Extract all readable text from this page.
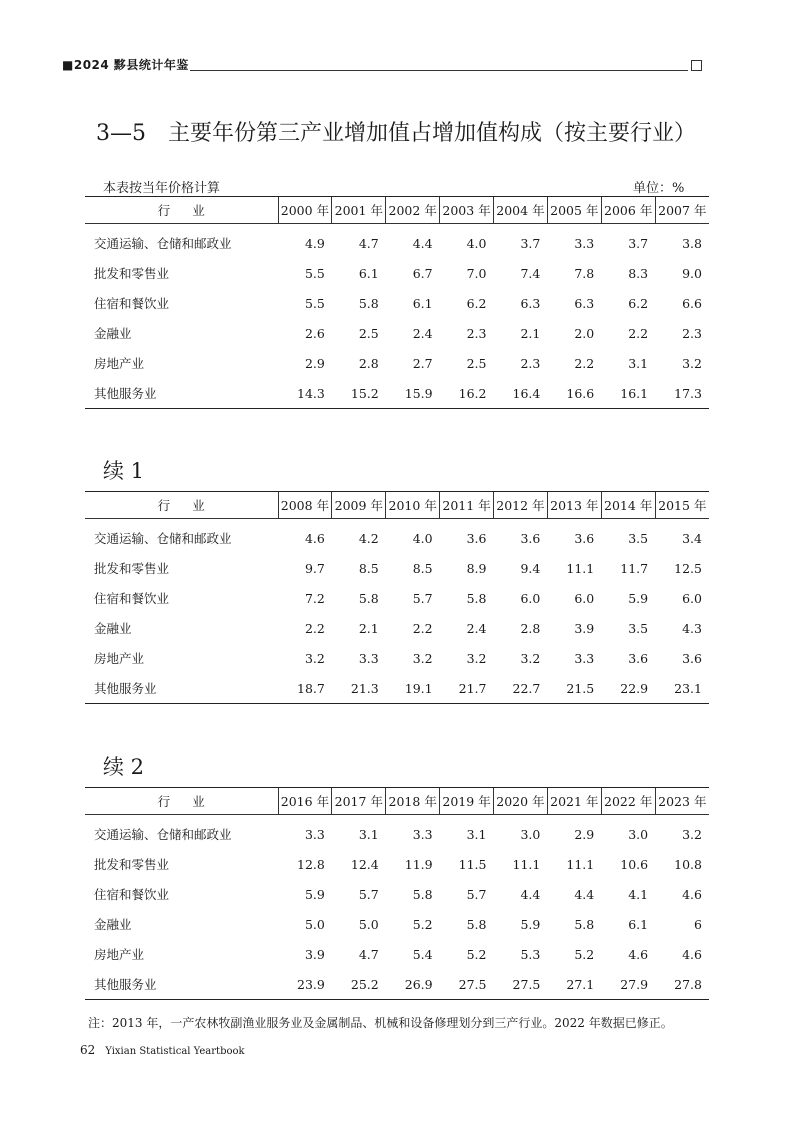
■2024 黟县统计年鉴
3—5 主要年份第三产业增加值占增加值构成（按主要行业）
本表按当年价格计算	单位：%
续 1
续 2
行业	2000 年	2001 年	2002 年	2003 年	2004 年	2005 年	2006 年	2007 年
交通运输、仓储和邮政业	4.9	4.7	4.4	4.0	3.7	3.3	3.7	3.8
批发和零售业	5.5	6.1	6.7	7.0	7.4	7.8	8.3	9.0
住宿和餐饮业	5.5	5.8	6.1	6.2	6.3	6.3	6.2	6.6
金融业	2.6	2.5	2.4	2.3	2.1	2.0	2.2	2.3
房地产业	2.9	2.8	2.7	2.5	2.3	2.2	3.1	3.2
其他服务业	14.3	15.2	15.9	16.2	16.4	16.6	16.1	17.3
行业	2008 年	2009 年	2010 年	2011 年	2012 年	2013 年	2014 年	2015 年
交通运输、仓储和邮政业	4.6	4.2	4.0	3.6	3.6	3.6	3.5	3.4
批发和零售业	9.7	8.5	8.5	8.9	9.4	11.1	11.7	12.5
住宿和餐饮业	7.2	5.8	5.7	5.8	6.0	6.0	5.9	6.0
金融业	2.2	2.1	2.2	2.4	2.8	3.9	3.5	4.3
房地产业	3.2	3.3	3.2	3.2	3.2	3.3	3.6	3.6
其他服务业	18.7	21.3	19.1	21.7	22.7	21.5	22.9	23.1
行业	2016 年	2017 年	2018 年	2019 年	2020 年	2021 年	2022 年	2023 年
交通运输、仓储和邮政业	3.3	3.1	3.3	3.1	3.0	2.9	3.0	3.2
批发和零售业	12.8	12.4	11.9	11.5	11.1	11.1	10.6	10.8
住宿和餐饮业	5.9	5.7	5.8	5.7	4.4	4.4	4.1	4.6
金融业	5.0	5.0	5.2	5.8	5.9	5.8	6.1	6
房地产业	3.9	4.7	5.4	5.2	5.3	5.2	4.6	4.6
其他服务业	23.9	25.2	26.9	27.5	27.5	27.1	27.9	27.8
注：2013 年，一产农林牧副渔业服务业及金属制品、机械和设备修理划分到三产行业。2022 年数据已修正。
62 Yixian Statistical Yeartbook
